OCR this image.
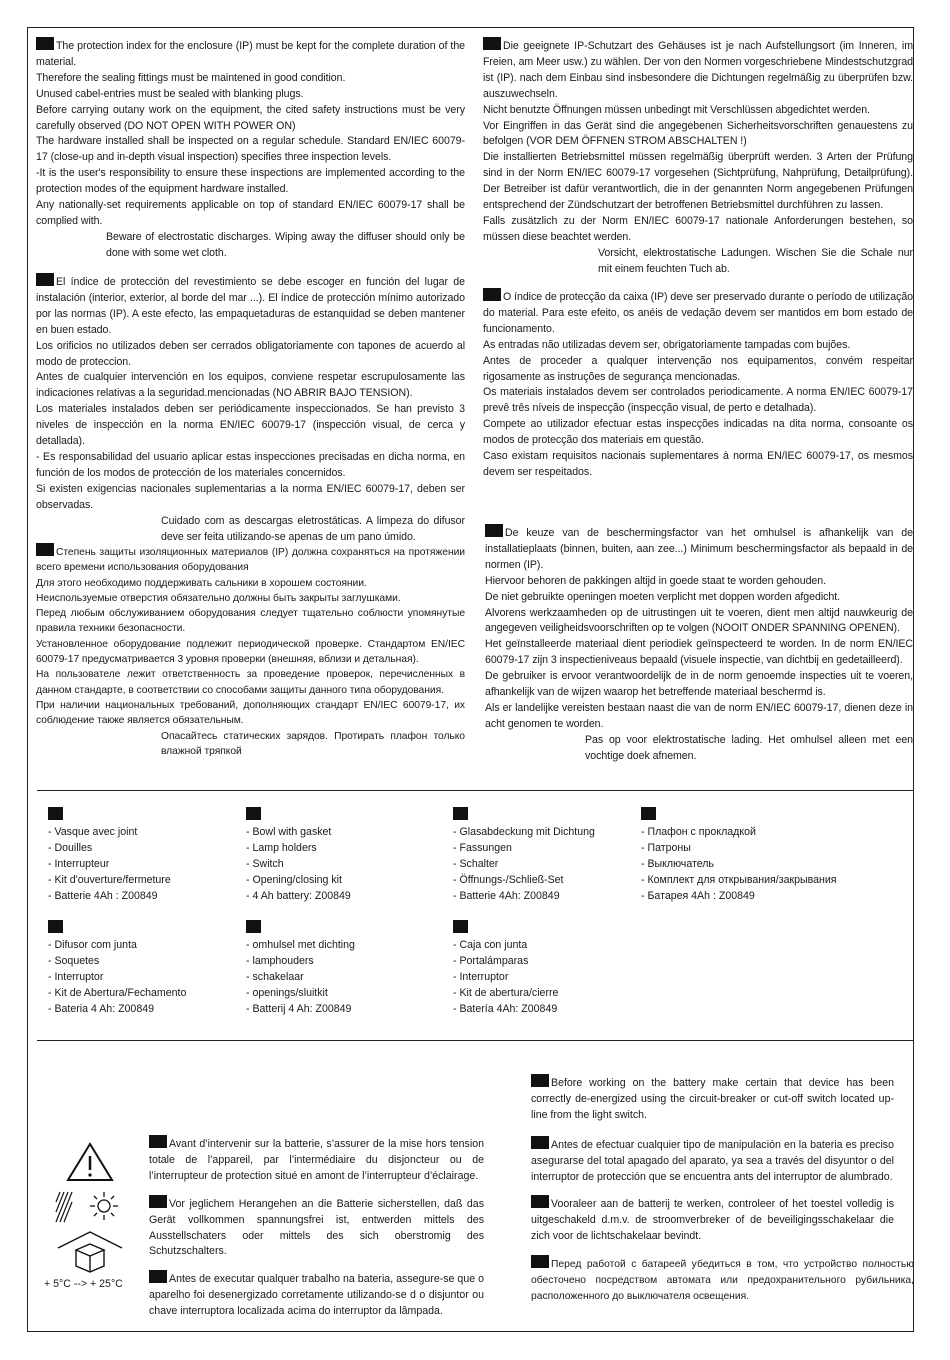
The protection index for the enclosure (IP) must be kept for the complete duration of the material.

Therefore the sealing fittings must be maintened in good condition.

Unused cabel-entries must be sealed with blanking plugs.

Before carrying outany work on the equipment, the cited safety instructions must be very carefully observed (DO NOT OPEN WITH POWER ON)

The hardware installed shall be inspected on a regular schedule. Standard EN/IEC 60079-17 (close-up and in-depth visual inspection) specifies three inspection levels.

-It is the user's responsibility to ensure these inspections are implemented according to the protection modes of the equipment hardware installed.

Any nationally-set requirements applicable on top of standard EN/IEC 60079-17 shall be complied with.

Beware of electrostatic discharges. Wiping away the diffuser should only be done with some wet cloth.

Die geeignete IP-Schutzart des Gehäuses ist je nach Aufstellungsort (im Inneren, im Freien, am Meer usw.) zu wählen. Der von den Normen vorgeschriebene Mindestschutzgrad ist (IP). nach dem Einbau sind insbesondere die Dichtungen regelmäßig zu überprüfen bzw. auszuwechseln.

Nicht benutzte Öffnungen müssen unbedingt mit Verschlüssen abgedichtet werden.

Vor Eingriffen in das Gerät sind die angegebenen Sicherheitsvorschriften genauestens zu befolgen (VOR DEM ÖFFNEN STROM ABSCHALTEN !)

Die installierten Betriebsmittel müssen regelmäßig überprüft werden. 3 Arten der Prüfung sind in der Norm EN/IEC 60079-17 vorgesehen (Sichtprüfung, Nahprüfung, Detailprüfung). Der Betreiber ist dafür verantwortlich, die in der genannten Norm angegebenen Prüfungen entsprechend der Zündschutzart der betroffenen Betriebsmittel durchführen zu lassen.

Falls zusätzlich zu der Norm EN/IEC 60079-17 nationale Anforderungen bestehen, so müssen diese beachtet werden.

Vorsicht, elektrostatische Ladungen. Wischen Sie die Schale nur mit einem feuchten Tuch ab.

El índice de protección del revestimiento se debe escoger en función del lugar de instalación (interior, exterior, al borde del mar ...). El índice de protección mínimo autorizado por las normas (IP). A este efecto, las empaquetaduras de estanquidad se deben mantener en buen estado.

Los orificios no utilizados deben ser cerrados obligatoriamente con tapones de acuerdo al modo de proteccion.

Antes de cualquier intervención en los equipos, conviene respetar escrupulosamente las indicaciones relativas a la seguridad.mencionadas (NO ABRIR BAJO TENSION).

Los materiales instalados deben ser periódicamente inspeccionados. Se han previsto 3 niveles de inspección en la norma EN/IEC 60079-17 (inspección visual, de cerca y detallada).

- Es responsabilidad del usuario aplicar estas inspecciones precisadas en dicha norma, en función de los modos de protección de los materiales concernidos.

Si existen exigencias nacionales suplementarias a la norma EN/IEC 60079-17, deben ser observadas.

Cuidado com as descargas eletrostáticas. A limpeza do difusor deve ser feita utilizando-se apenas de um pano úmido.

O índice de protecção da caixa (IP) deve ser preservado durante o período de utilização do material. Para este efeito, os anéis de vedação devem ser mantidos em bom estado de funcionamento.

As entradas não utilizadas devem ser, obrigatoriamente tampadas com bujões.

Antes de proceder a qualquer intervenção nos equipamentos, convém respeitar rigosamente as instruções de segurança mencionadas.

Os materiais instalados devem ser controlados periodicamente. A norma EN/IEC 60079-17 prevê três níveis de inspecção (inspecção visual, de perto e detalhada).

Compete ao utilizador efectuar estas inspecções indicadas na dita norma, consoante os modos de protecção dos materiais em questão.

Caso existam requisitos nacionais suplementares à norma EN/IEC 60079-17, os mesmos devem ser respeitados.

Степень защиты изоляционных материалов (IP) должна сохраняться на протяжении всего времени использования оборудования

Для этого необходимо поддерживать сальники в хорошем состоянии.

Неиспользуемые отверстия обязательно должны быть закрыты заглушками.

Перед любым обслуживанием оборудования следует тщательно соблюсти упомянутые правила техники безопасности.

Установленное оборудование подлежит периодической проверке. Стандартом EN/IEC 60079-17 предусматривается 3 уровня проверки (внешняя, вблизи и детальная).

На пользователе лежит ответственность за проведение проверок, перечисленных в данном стандарте, в соответствии со способами защиты данного типа оборудования.

При наличии национальных требований, дополняющих стандарт EN/IEC 60079-17, их соблюдение также является обязательным.

Опасайтесь статических зарядов. Протирать плафон только влажной тряпкой

De keuze van de beschermingsfactor van het omhulsel is afhankelijk van de installatieplaats (binnen, buiten, aan zee...) Minimum beschermingsfactor als bepaald in de normen (IP).

Hiervoor behoren de pakkingen altijd in goede staat te worden gehouden.

De niet gebruikte openingen moeten verplicht met doppen worden afgedicht.

Alvorens werkzaamheden op de uitrustingen uit te voeren, dient men altijd nauwkeurig de angegeven veiligheidsvoorschriften op te volgen (NOOIT ONDER SPANNING OPENEN).

Het geïnstalleerde materiaal dient periodiek geïnspecteerd te worden. In de norm EN/IEC 60079-17 zijn 3 inspectieniveaus bepaald (visuele inspectie, van dichtbij en gedetailleerd).

De gebruiker is ervoor verantwoordelijk de in de norm genoemde inspecties uit te voeren, afhankelijk van de wijzen waarop het betreffende materiaal beschermd is.

Als er landelijke vereisten bestaan naast die van de norm EN/IEC 60079-17, dienen deze in acht genomen te worden.

Pas op voor elektrostatische lading. Het omhulsel alleen met een vochtige doek afnemen.

- Vasque avec joint

- Douilles

- Interrupteur

- Kit d'ouverture/fermeture

- Batterie 4Ah : Z00849

- Bowl with gasket

- Lamp holders

- Switch

- Opening/closing kit

- 4 Ah battery: Z00849

- Glasabdeckung mit Dichtung

- Fassungen

- Schalter

- Öffnungs-/Schließ-Set

- Batterie 4Ah: Z00849

- Плафон с прокладкой

- Патроны

- Выключатель

- Комплект для открывания/закрывания

- Батарея 4Ah : Z00849

- Difusor com junta

- Soquetes

- Interruptor

- Kit de Abertura/Fechamento

- Bateria 4 Ah: Z00849

- omhulsel met dichting

- lamphouders

- schakelaar

- openings/sluitkit

- Batterij 4 Ah: Z00849

- Caja con junta

- Portalámparas

- Interruptor

- Kit de abertura/cierre

- Batería 4Ah: Z00849

Before working on the battery make certain that device has been correctly de-energized using the circuit-breaker or cut-off switch located up-line from the light switch.

Antes de efectuar cualquier tipo de manipulación en la bateria es preciso asegurarse del total apagado del aparato, ya sea a través del disyuntor o del interruptor de protección que se encuentra ants del interruptor de alumbrado.

Vooraleer aan de batterij te werken, controleer of het toestel volledig is uitgeschakeld d.m.v. de stroomverbreker of de beveiligingsschakelaar die zich voor de lichtschakelaar bevindt.

Перед работой с батареей убедиться в том, что устройство полностью обесточено посредством автомата или предохранительного рубильника, расположенного до выключателя освещения.

Avant d’intervenir sur la batterie, s’assurer de la mise hors tension totale de l’appareil, par l’intermédiaire du disjoncteur ou de l’interrupteur de protection situé en amont de l’interrupteur d’éclairage.

Vor jeglichem Herangehen an die Batterie sicherstellen, daß das Gerät vollkommen spannungsfrei ist, entwerden mittels des Ausstellschaters oder mittels des sich oberstromig des Schutzschalters.

Antes de executar qualquer trabalho na bateria, assegure-se que o aparelho foi desenergizado corretamente utilizando-se d o disjuntor ou chave interruptora localizada acima do interruptor da lâmpada.

+ 5°C --> + 25°C
